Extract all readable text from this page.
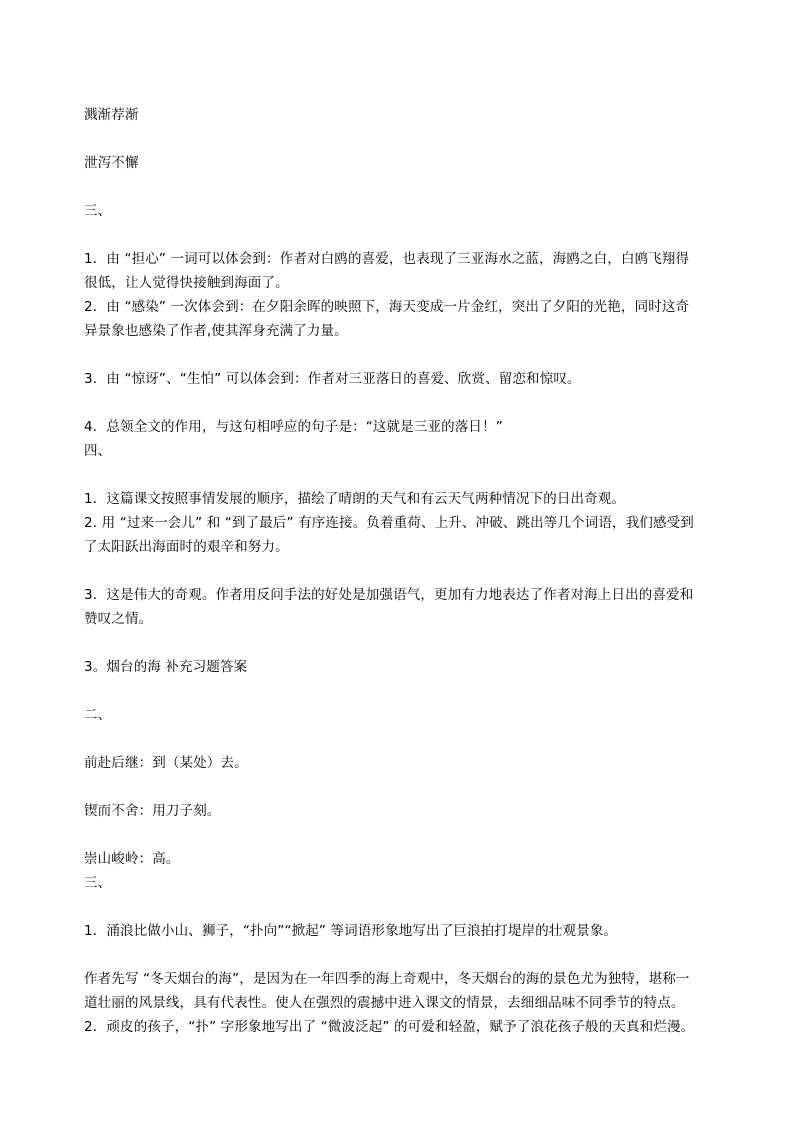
溅渐荐渐
泄泻不懈
三、
1．由 “担心” 一词可以体会到：作者对白鸥的喜爱，也表现了三亚海水之蓝，海鸥之白，白鸥飞翔得
很低，让人觉得快接触到海面了。
2．由 “感染” 一次体会到：在夕阳余晖的映照下，海天变成一片金红，突出了夕阳的光艳，同时这奇
异景象也感染了作者,使其浑身充满了力量。
3．由 “惊讶”、“生怕” 可以体会到：作者对三亚落日的喜爱、欣赏、留恋和惊叹。
4．总领全文的作用，与这句相呼应的句子是：“这就是三亚的落日！”
四、
1．这篇课文按照事情发展的顺序，描绘了晴朗的天气和有云天气两种情况下的日出奇观。
2. 用 “过来一会儿” 和 “到了最后” 有序连接。负着重荷、上升、冲破、跳出等几个词语，我们感受到
了太阳跃出海面时的艰辛和努力。
3．这是伟大的奇观。作者用反问手法的好处是加强语气，更加有力地表达了作者对海上日出的喜爱和
赞叹之情。
3。烟台的海 补充习题答案
二、
前赴后继：到（某处）去。
锲而不舍：用刀子刻。
崇山峻岭：高。
三、
1．涌浪比做小山、狮子，“扑向”“掀起” 等词语形象地写出了巨浪拍打堤岸的壮观景象。
作者先写 “冬天烟台的海”，是因为在一年四季的海上奇观中，冬天烟台的海的景色尤为独特，堪称一
道壮丽的风景线，具有代表性。使人在强烈的震撼中进入课文的情景，去细细品味不同季节的特点。
2．顽皮的孩子，“扑” 字形象地写出了 “微波泛起” 的可爱和轻盈，赋予了浪花孩子般的天真和烂漫。
